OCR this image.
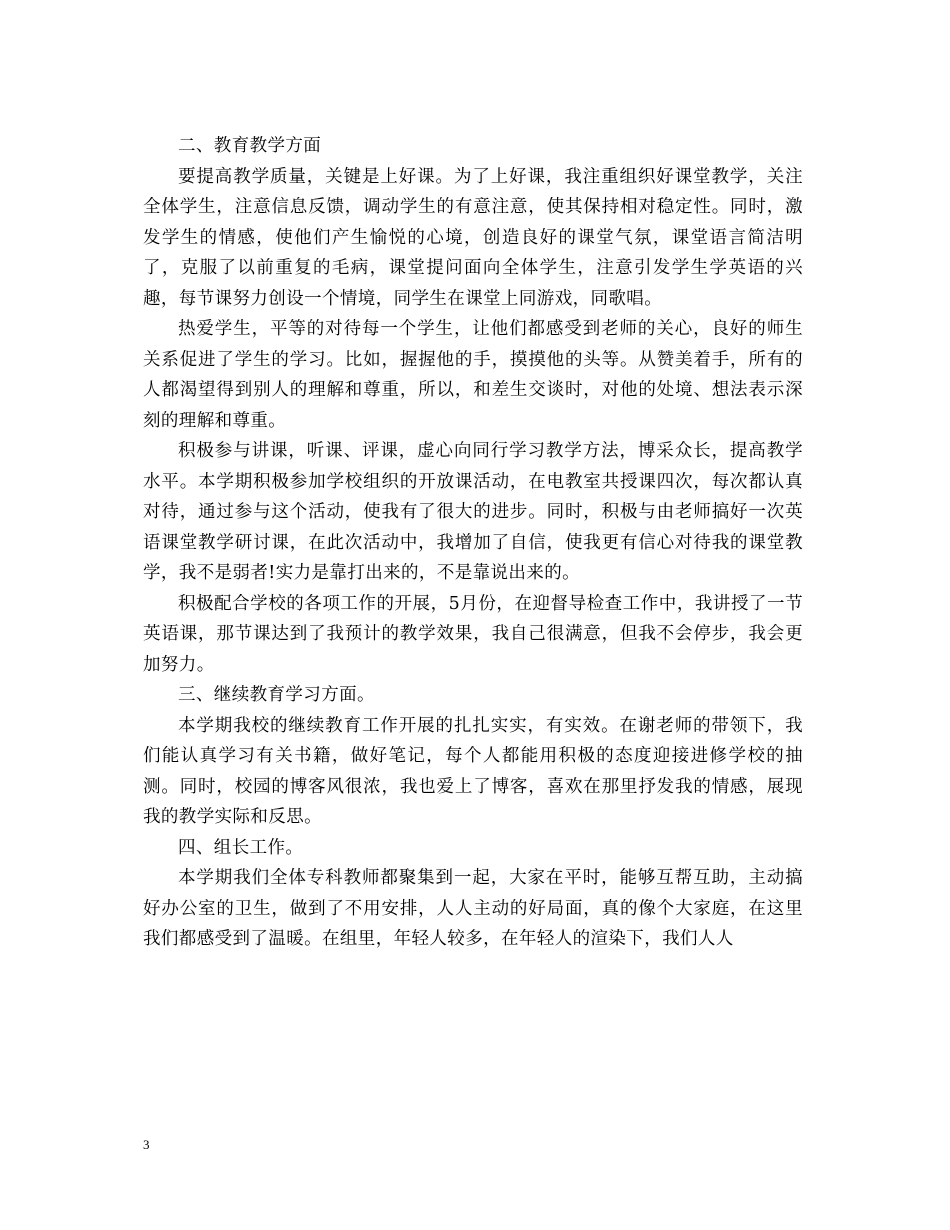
二、教育教学方面

要提高教学质量，关键是上好课。为了上好课，我注重组织好课堂教学，关注全体学生，注意信息反馈，调动学生的有意注意，使其保持相对稳定性。同时，激发学生的情感，使他们产生愉悦的心境，创造良好的课堂气氛，课堂语言简洁明了，克服了以前重复的毛病，课堂提问面向全体学生，注意引发学生学英语的兴趣，每节课努力创设一个情境，同学生在课堂上同游戏，同歌唱。

热爱学生，平等的对待每一个学生，让他们都感受到老师的关心，良好的师生关系促进了学生的学习。比如，握握他的手，摸摸他的头等。从赞美着手，所有的人都渴望得到别人的理解和尊重，所以，和差生交谈时，对他的处境、想法表示深刻的理解和尊重。

积极参与讲课，听课、评课，虚心向同行学习教学方法，博采众长，提高教学水平。本学期积极参加学校组织的开放课活动，在电教室共授课四次，每次都认真对待，通过参与这个活动，使我有了很大的进步。同时，积极与由老师搞好一次英语课堂教学研讨课，在此次活动中，我增加了自信，使我更有信心对待我的课堂教学，我不是弱者!实力是靠打出来的，不是靠说出来的。

积极配合学校的各项工作的开展，5月份，在迎督导检查工作中，我讲授了一节英语课，那节课达到了我预计的教学效果，我自己很满意，但我不会停步，我会更加努力。

三、继续教育学习方面。

本学期我校的继续教育工作开展的扎扎实实，有实效。在谢老师的带领下，我们能认真学习有关书籍，做好笔记，每个人都能用积极的态度迎接进修学校的抽测。同时，校园的博客风很浓，我也爱上了博客，喜欢在那里抒发我的情感，展现我的教学实际和反思。

四、组长工作。

本学期我们全体专科教师都聚集到一起，大家在平时，能够互帮互助，主动搞好办公室的卫生，做到了不用安排，人人主动的好局面，真的像个大家庭，在这里我们都感受到了温暖。在组里，年轻人较多，在年轻人的渲染下，我们人人

3
